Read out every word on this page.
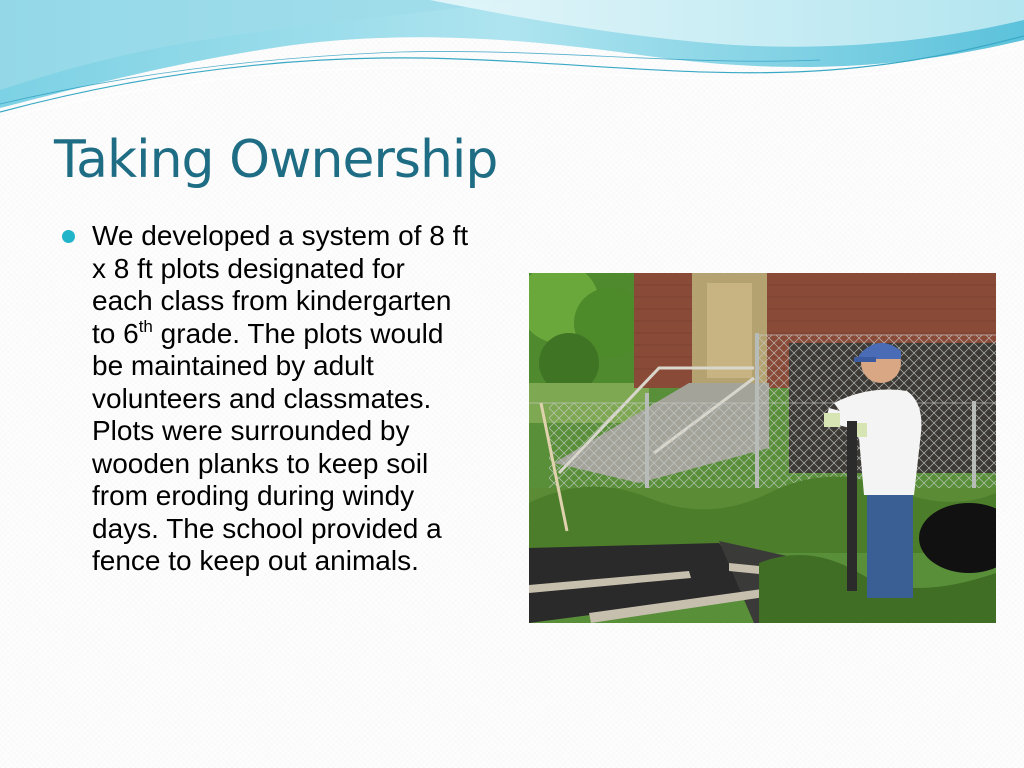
Taking Ownership
We developed a system of 8 ft x 8 ft plots designated for each class from kindergarten to 6th grade. The plots would be maintained by adult volunteers and classmates. Plots were surrounded by wooden planks to keep soil from eroding during windy days. The school provided a fence to keep out animals.
